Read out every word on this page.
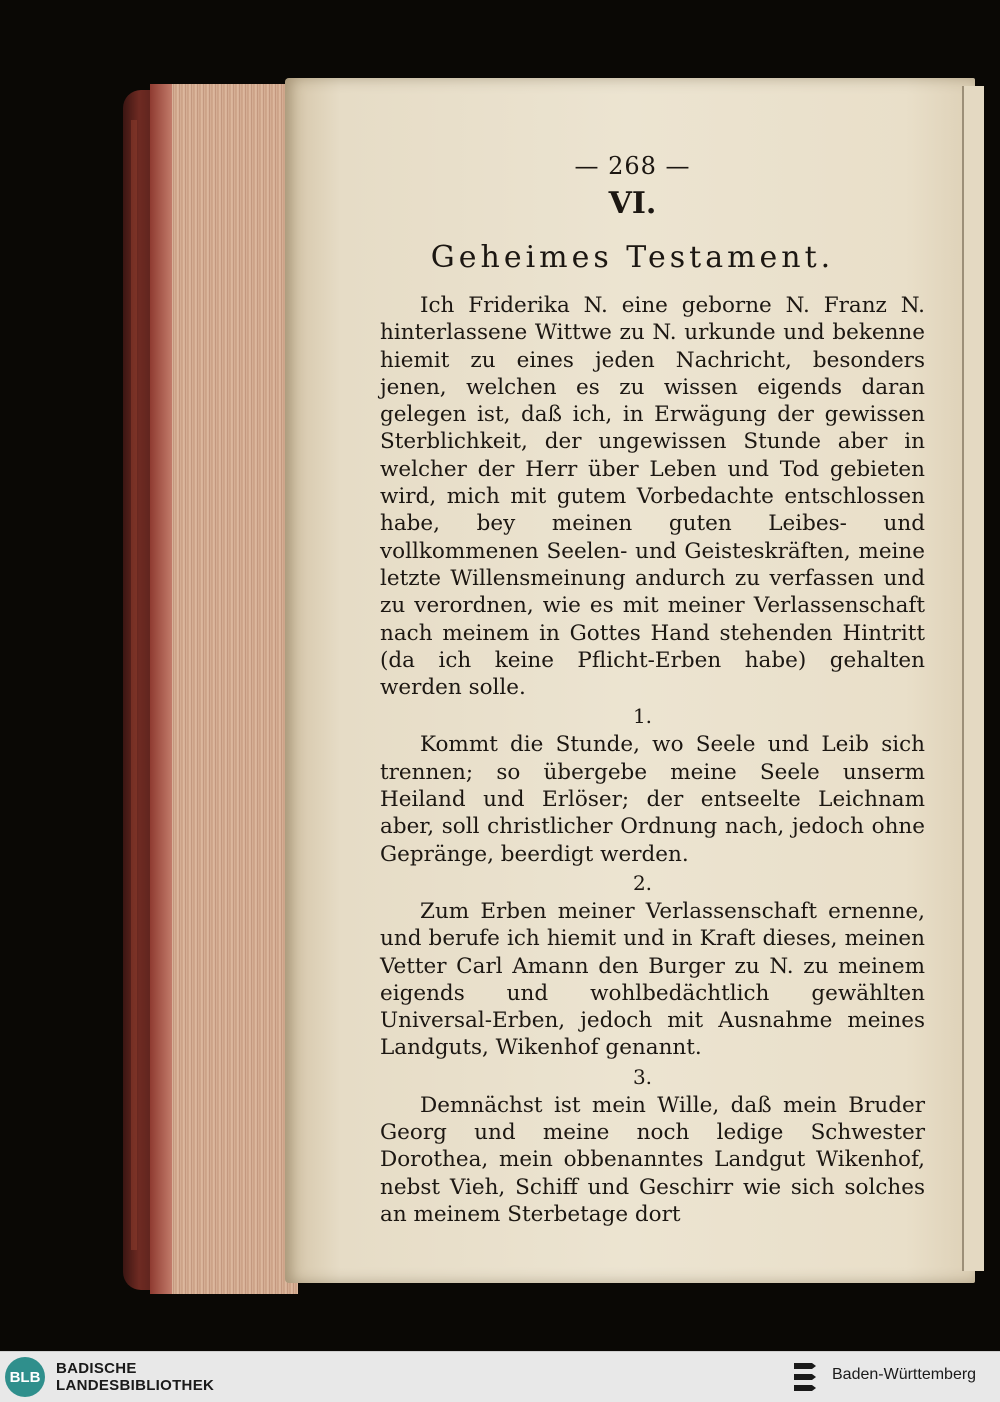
— 268 —
VI.
Geheimes Testament.

Ich Friderika N. eine geborne N. Franz N. hinterlassene Wittwe zu N. urkunde und bekenne hiemit zu eines jeden Nachricht, besonders jenen, welchen es zu wissen eigends daran gelegen ist, daß ich, in Erwägung der gewissen Sterblichkeit, der ungewissen Stunde aber in welcher der Herr über Leben und Tod gebieten wird, mich mit gutem Vorbedachte entschlossen habe, bey meinen guten Leibes- und vollkommenen Seelen- und Geisteskräften, meine letzte Willensmeinung andurch zu verfassen und zu verordnen, wie es mit meiner Verlassenschaft nach meinem in Gottes Hand stehenden Hintritt (da ich keine Pflicht-Erben habe) gehalten werden solle.

1.

Kommt die Stunde, wo Seele und Leib sich trennen; so übergebe meine Seele unserm Heiland und Erlöser; der entseelte Leichnam aber, soll christlicher Ordnung nach, jedoch ohne Gepränge, beerdigt werden.

2.

Zum Erben meiner Verlassenschaft ernenne, und berufe ich hiemit und in Kraft dieses, meinen Vetter Carl Amann den Burger zu N. zu meinem eigends und wohlbedächtlich gewählten Universal-Erben, jedoch mit Ausnahme meines Landguts, Wikenhof genannt.

3.

Demnächst ist mein Wille, daß mein Bruder Georg und meine noch ledige Schwester Dorothea, mein obbenanntes Landgut Wikenhof, nebst Vieh, Schiff und Geschirr wie sich solches an meinem Sterbetage dort

BLB	BADISCHE
LANDESBIBLIOTHEK
Baden-Württemberg
